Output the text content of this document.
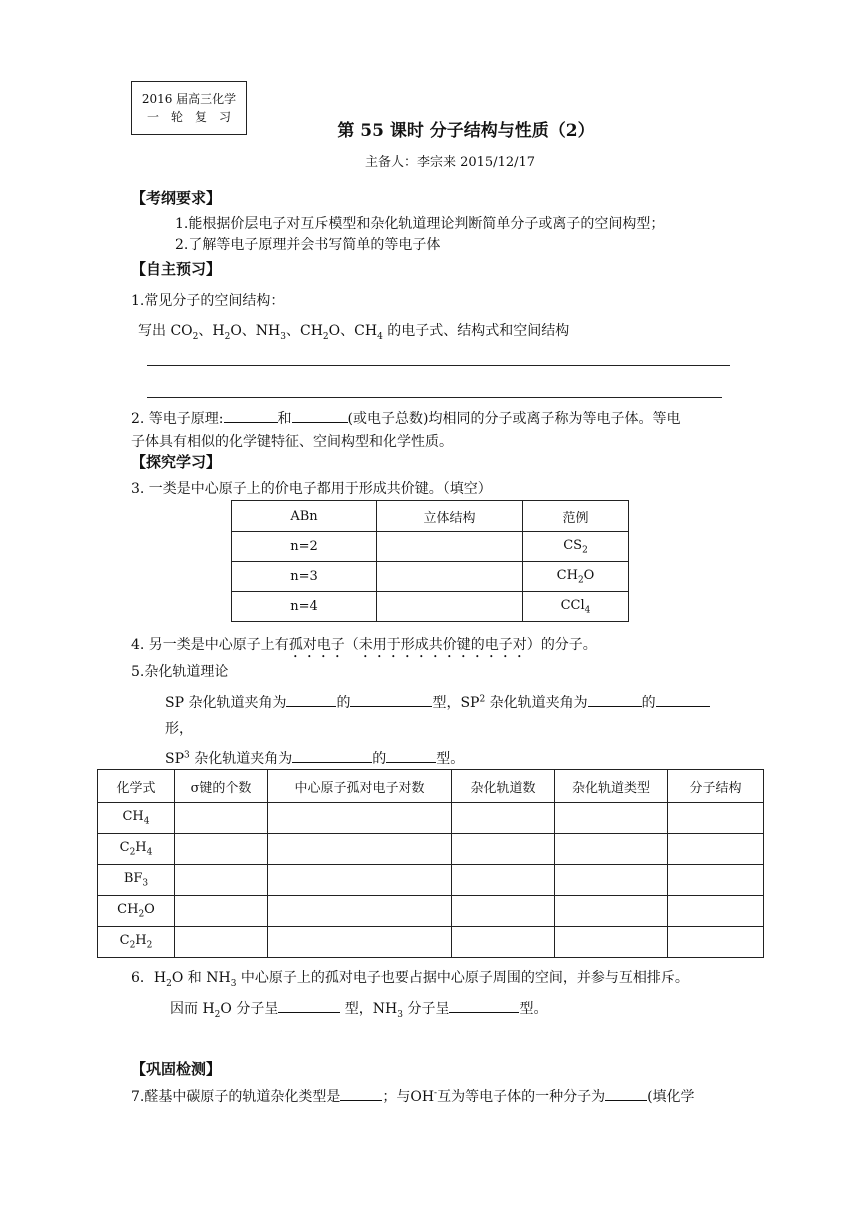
2016 届高三化学
一　轮　复　习
第 55 课时 分子结构与性质（2）
主备人：李宗来 2015/12/17
【考纲要求】
1.能根据价层电子对互斥模型和杂化轨道理论判断简单分子或离子的空间构型；
2.了解等电子原理并会书写简单的等电子体
【自主预习】
1.常见分子的空间结构：
写出 $CO_2$、$H_2O$、$NH_3$、$CH_2O$、$CH_4$ 的电子式、结构式和空间结构
2. 等电子原理:	和	(或电子总数)均相同的分子或离子称为等电子体。等电
子体具有相似的化学键特征、空间构型和化学性质。
【探究学习】
3. 一类是中心原子上的价电子都用于形成共价键。（填空）
ABn	立体结构	范例
n=2		$CS_2$
n=3		$CH_2O$
n=4		CCl$_4$
4. 另一类是中心原子上有孤对电子（未用于形成共价键的电子对）的分子。
5.杂化轨道理论
SP 杂化轨道夹角为	的	型，$SP^2$ 杂化轨道夹角为	的
形，
$SP^3$ 杂化轨道夹角为	的	型。
化学式	σ键的个数	中心原子孤对电子对数	杂化轨道数	杂化轨道类型	分子结构
$CH_4$					
$C_2H_4$					
$BF_3$					
$CH_2O$					
$C_2H_2$					
6．$H_2O$ 和 $NH_3$ 中心原子上的孤对电子也要占据中心原子周围的空间，并参与互相排斥。
因而 $H_2O$ 分子呈	型，$NH_3$ 分子呈	型。
【巩固检测】
7.醛基中碳原子的轨道杂化类型是	；与OH-互为等电子体的一种分子为	(填化学
